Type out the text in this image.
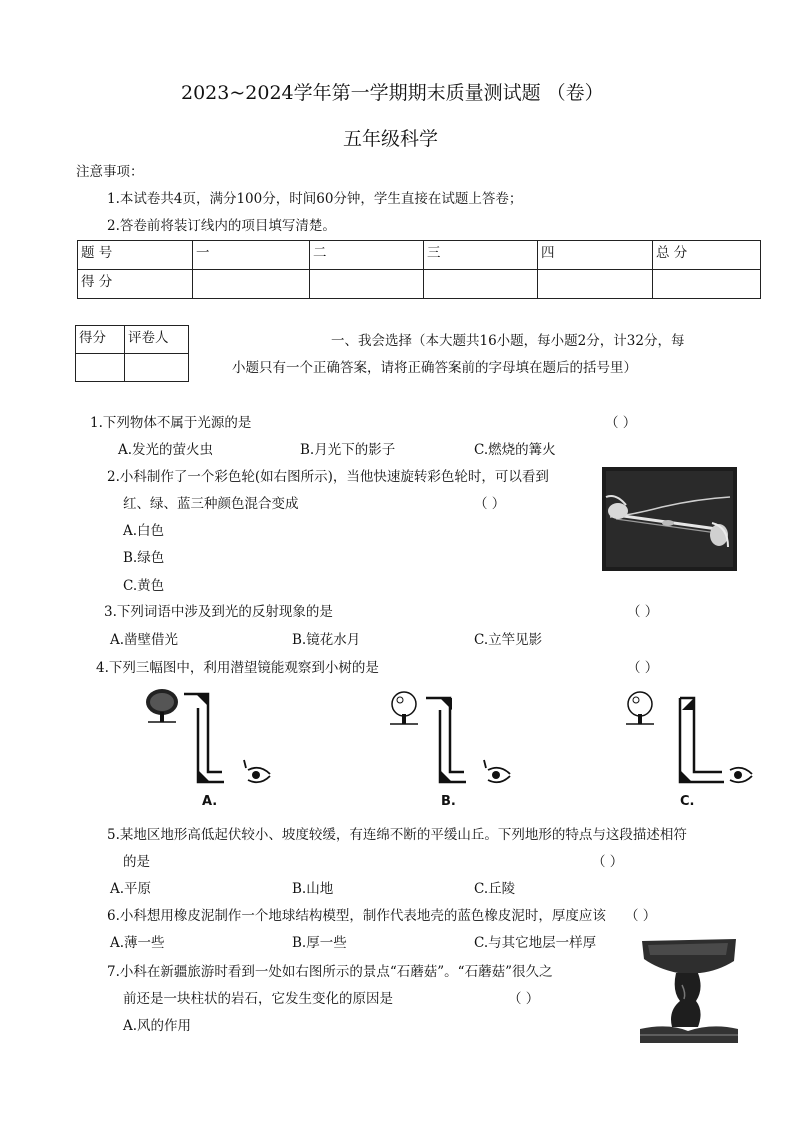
2023~2024学年第一学期期末质量测试题 （卷）
五年级科学
注意事项：
1.本试卷共4页，满分100分，时间60分钟，学生直接在试题上答卷；
2.答卷前将装订线内的项目填写清楚。
题 号	一	二	三	四	总 分
得 分					
得分	评卷人
		一、我会选择（本大题共16小题，每小题2分，计32分，每
小题只有一个正确答案，请将正确答案前的字母填在题后的括号里）
1.下列物体不属于光源的是	（ ）
A.发光的萤火虫	B.月光下的影子	C.燃烧的篝火
2.小科制作了一个彩色轮(如右图所示)，当他快速旋转彩色轮时，可以看到
红、绿、蓝三种颜色混合变成	（ ）
A.白色
B.绿色
C.黄色
3.下列词语中涉及到光的反射现象的是	（ ）
A.凿壁借光	B.镜花水月	C.立竿见影
4.下列三幅图中，利用潜望镜能观察到小树的是	（ ）
A.	B.	C.
5.某地区地形高低起伏较小、坡度较缓，有连绵不断的平缓山丘。下列地形的特点与这段描述相符
的是	（ ）
A.平原	B.山地	C.丘陵
6.小科想用橡皮泥制作一个地球结构模型，制作代表地壳的蓝色橡皮泥时，厚度应该 （ ）
A.薄一些	B.厚一些	C.与其它地层一样厚
7.小科在新疆旅游时看到一处如右图所示的景点“石蘑菇”。“石蘑菇”很久之
前还是一块柱状的岩石，它发生变化的原因是	（ ）
A.风的作用
